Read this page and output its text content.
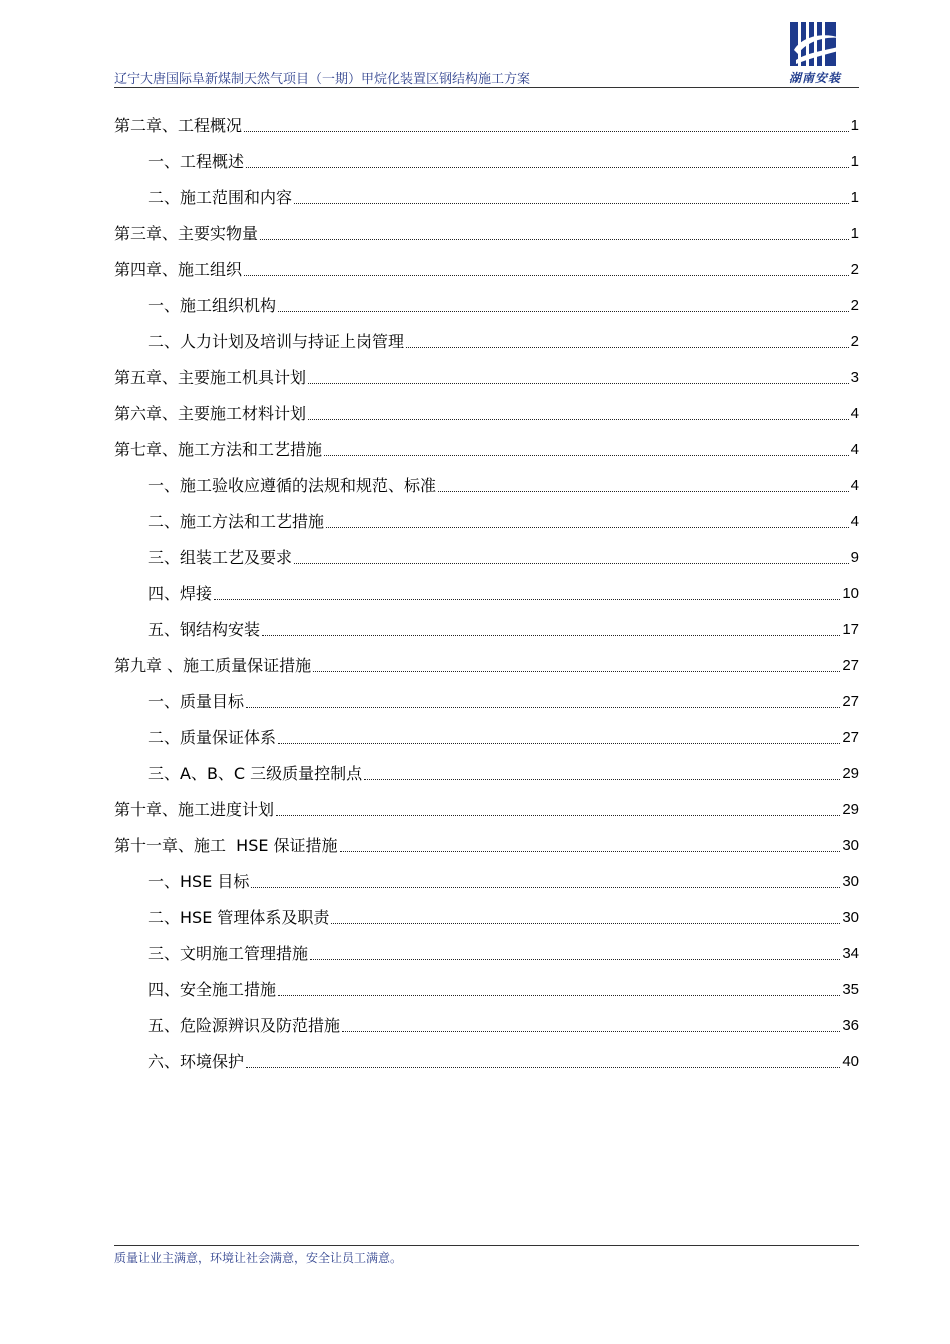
辽宁大唐国际阜新煤制天然气项目（一期）甲烷化装置区钢结构施工方案	湖南安装
第二章、工程概况	1
一、工程概述	1
二、施工范围和内容	1
第三章、主要实物量	1
第四章、施工组织	2
一、施工组织机构	2
二、人力计划及培训与持证上岗管理	2
第五章、主要施工机具计划	3
第六章、主要施工材料计划	4
第七章、施工方法和工艺措施	4
一、施工验收应遵循的法规和规范、标准	4
二、施工方法和工艺措施	4
三、组装工艺及要求	9
四、焊接	10
五、钢结构安装	17
第九章 、施工质量保证措施	27
一、质量目标	27
二、质量保证体系	27
三、A、B、C 三级质量控制点	29
第十章、施工进度计划	29
第十一章、施工  HSE 保证措施	30
一、HSE 目标	30
二、HSE 管理体系及职责	30
三、文明施工管理措施	34
四、安全施工措施	35
五、危险源辨识及防范措施	36
六、环境保护	40
质量让业主满意，环境让社会满意，安全让员工满意。
